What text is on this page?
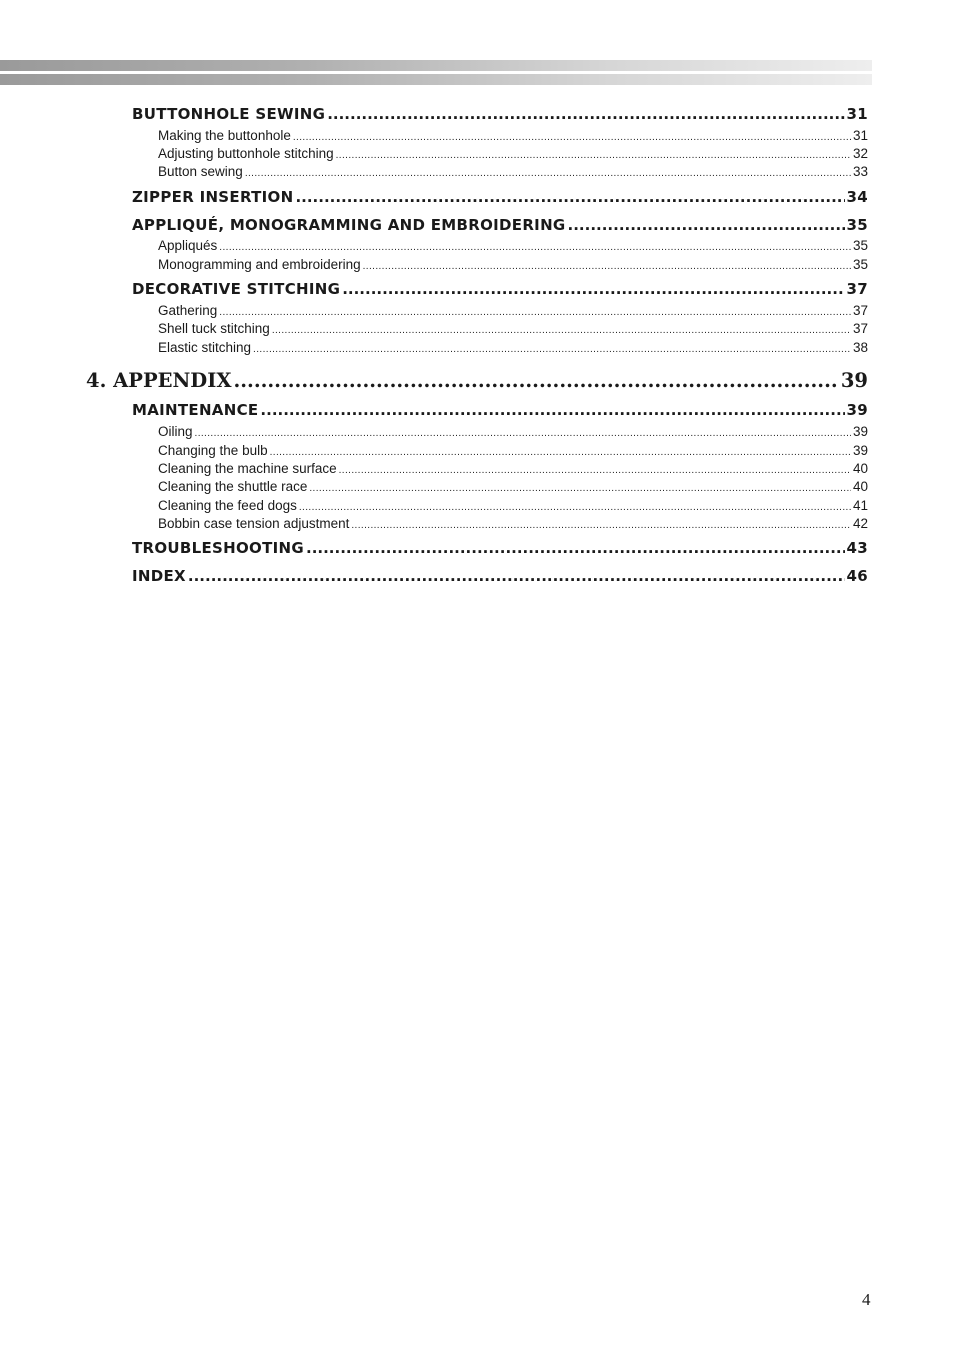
BUTTONHOLE SEWING .....	31
Making the buttonhole .....	31
Adjusting buttonhole stitching .....	32
Button sewing .....	33
ZIPPER INSERTION .....	34
APPLIQUÉ, MONOGRAMMING AND EMBROIDERING .....	35
Appliqués .....	35
Monogramming and embroidering .....	35
DECORATIVE STITCHING .....	37
Gathering .....	37
Shell tuck stitching .....	37
Elastic stitching .....	38
4. APPENDIX .....	39
MAINTENANCE .....	39
Oiling .....	39
Changing the bulb .....	39
Cleaning the machine surface .....	40
Cleaning the shuttle race .....	40
Cleaning the feed dogs .....	41
Bobbin case tension adjustment .....	42
TROUBLESHOOTING .....	43
INDEX .....	46
4
